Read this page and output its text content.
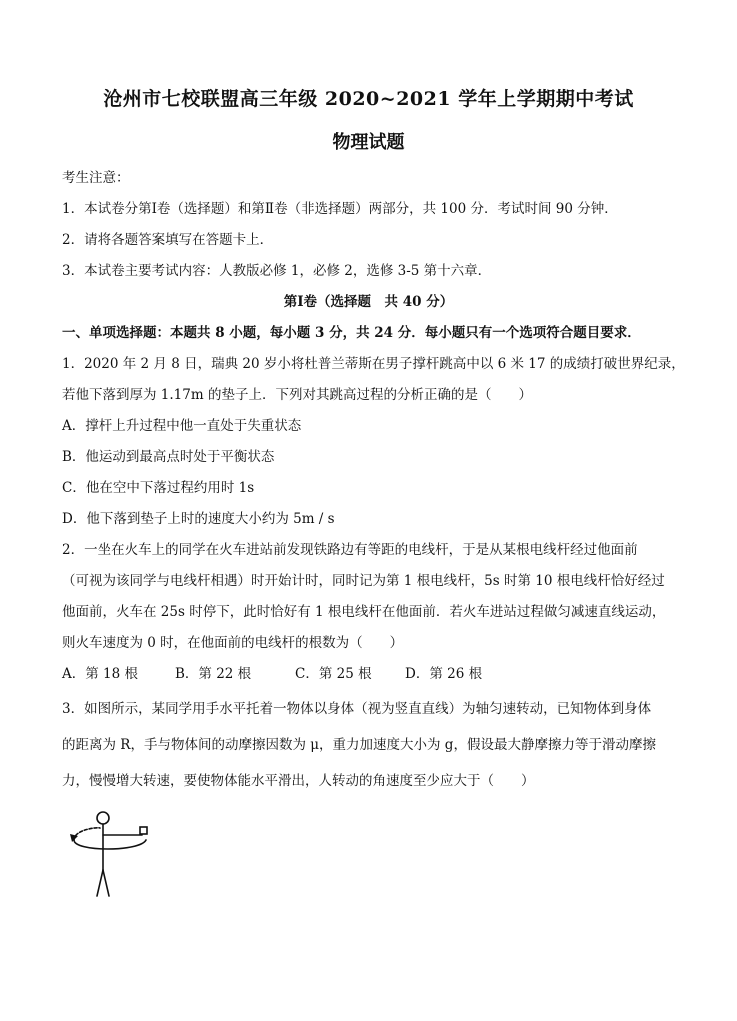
沧州市七校联盟高三年级 2020~2021 学年上学期期中考试
物理试题
考生注意：
1．本试卷分第Ⅰ卷（选择题）和第Ⅱ卷（非选择题）两部分，共 100 分．考试时间 90 分钟．
2．请将各题答案填写在答题卡上．
3．本试卷主要考试内容：人教版必修 1，必修 2，选修 3-5 第十六章．
第Ⅰ卷（选择题　共 40 分）
一、单项选择题：本题共 8 小题，每小题 3 分，共 24 分．每小题只有一个选项符合题目要求．
1．2020 年 2 月 8 日，瑞典 20 岁小将杜普兰蒂斯在男子撑杆跳高中以 6 米 17 的成绩打破世界纪录，
若他下落到厚为 1.17m 的垫子上．下列对其跳高过程的分析正确的是（　　）
A．撑杆上升过程中他一直处于失重状态
B．他运动到最高点时处于平衡状态
C．他在空中下落过程约用时 1s
D．他下落到垫子上时的速度大小约为 5m / s
2．一坐在火车上的同学在火车进站前发现铁路边有等距的电线杆，于是从某根电线杆经过他面前
（可视为该同学与电线杆相遇）时开始计时，同时记为第 1 根电线杆，5s 时第 10 根电线杆恰好经过
他面前，火车在 25s 时停下，此时恰好有 1 根电线杆在他面前．若火车进站过程做匀减速直线运动，
则火车速度为 0 时，在他面前的电线杆的根数为（　　）
A．第 18 根	B．第 22 根	C．第 25 根 D．第 26 根
3．如图所示，某同学用手水平托着一物体以身体（视为竖直直线）为轴匀速转动，已知物体到身体
的距离为 R，手与物体间的动摩擦因数为 μ，重力加速度大小为 g，假设最大静摩擦力等于滑动摩擦
力，慢慢增大转速，要使物体能水平滑出，人转动的角速度至少应大于（　　）
